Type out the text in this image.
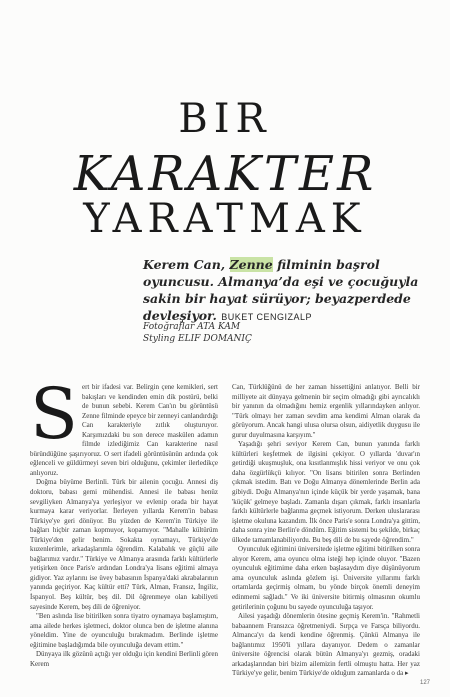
BIR
KARAKTER
YARATMAK

Kerem Can, Zenne filminin başrol oyuncusu. Almanya’da eşi ve çocuğuyla sakin bir hayat sürüyor; beyazperdede devleşiyor. BUKET CENGIZALP

Fotoğraflar ATA KAM

Styling ELIF DOMANIÇ

S ert bir ifadesi var. Belirgin çene kemikleri, sert bakışları ve kendinden emin dik postürü, belki de bunun sebebi. Kerem Can'ın bu görüntüsü Zenne filminde epeyce bir zenneyi canlandırdığı Can karakteriyle zıtlık oluşturuyor. Karşımızdaki bu son derece maskülen adamın filmde izlediğimiz Can karakterine nasıl büründüğüne şaşırıyoruz. O sert ifadeli görüntüsünün ardında çok eğlenceli ve güldürmeyi seven biri olduğunu, çekimler ilerledikçe anlıyoruz.

Doğma büyüme Berlinli. Türk bir ailenin çocuğu. Annesi diş doktoru, babası gemi mühendisi. Annesi ile babası henüz sevgiliyken Almanya'ya yerleşiyor ve evlenip orada bir hayat kurmaya karar veriyorlar. İlerleyen yıllarda Kerem'in babası Türkiye'ye geri dönüyor. Bu yüzden de Kerem'in Türkiye ile bağları hiçbir zaman kopmuyor, kopamıyor. "Mahalle kültürüm Türkiye'den gelir benim. Sokakta oynamayı, Türkiye'de kuzenlerimle, arkadaşlarımla öğrendim. Kalabalık ve güçlü aile bağlarımız vardır." Türkiye ve Almanya arasında farklı kültürlerle yetişirken önce Paris'e ardından Londra'ya lisans eğitimi almaya gidiyor. Yaz aylarını ise üvey babasının İspanya'daki akrabalarının yanında geçiriyor. Kaç kültür etti? Türk, Alman, Fransız, İngiliz, İspanyol. Beş kültür, beş dil. Dil öğrenmeye olan kabiliyeti sayesinde Kerem, beş dili de öğreniyor.

"Ben aslında lise bitirilken sonra tiyatro oynamaya başlamıştım, ama ailede herkes işletmeci, doktor olunca ben de işletme alanına yöneldim. Yine de oyunculuğu bırakmadım. Berlinde işletme eğitimine başladığımda bile oyunculuğa devam ettim."

Dünyaya ilk gözünü açtığı yer olduğu için kendini Berlinli gören Kerem

Can, Türklüğünü de her zaman hissettiğini anlatıyor. Belli bir milliyete ait dünyaya gelmenin bir seçim olmadığı gibi ayrıcalıklı bir yanının da olmadığını hemiz ergenlik yıllarındayken anlıyor. "Türk olmayı her zaman sevdim ama kendimi Alman olarak da görüyorum. Ancak hangi ulusa olursa olsun, aidiyetlik duygusu ile gurur duyulmasına karşıyım."

Yaşadığı şehri seviyor Kerem Can, bunun yanında farklı kültürleri keşfetmek de ilgisini çekiyor. O yıllarda 'duvar'ın getirdiği ukuşmuşluk, ona kısıtlanmışlık hissi veriyor ve onu çok daha özgürlükçü kılıyor. "On lisans bitirilen sonra Berlinden çıkmak istedim. Batı ve Doğu Almanya dönemlerinde Berlin ada gibiydi. Doğu Almanya'nın içinde küçük bir yerde yaşamak, bana 'küçük' gelmeye başladı. Zamanla dışarı çıkmak, farklı insanlarla farklı kültürlerle bağlanma geçmek istiyorum. Derken uluslararası işletme okuluna kazandım. İlk önce Paris'e sonra Londra'ya gittim, daha sonra yine Berlin'e döndüm. Eğitim sistemi bu şekilde, birkaç ülkede tamamlanabiliyordu. Bu beş dili de bu sayede öğrendim."

Oyunculuk eğitimini üniversitede işletme eğitimi bitirilken sonra alıyor Kerem, ama oyuncu olma isteği hep içinde oluyor. "Bazen oyunculuk eğitimime daha erken başlasaydım diye düşünüyorum ama oyunculuk aslında gözlem işi. Üniversite yıllarımı farklı ortamlarda geçirmiş olmam, bu yönde birçok önemli deneyim edinmemi sağladı." Ve iki üniversite bitirmiş olmasının okumlu getirilerinin çoğunu bu sayede oyunculuğa taşıyor.

Ailesi yaşadığı dönemlerin ötesine geçmiş Kerem'in. "Rahmetli babaannem Fransızca öğretmeniydi. Sırpça ve Farsça biliyordu. Almanca'yı da kendi kendine öğrenmiş. Çünkü Almanya ile bağlantımız 1950'li yıllara dayanıyor. Dedem o zamanlar üniversite öğrencisi olarak bütün Almanya'yı gezmiş, oradaki arkadaşlarından biri bizim ailemizin fertli olmuştu hatta. Her yaz Türkiye'ye gelir, benim Türkiye'de olduğum zamanlarda o da ▸

127
